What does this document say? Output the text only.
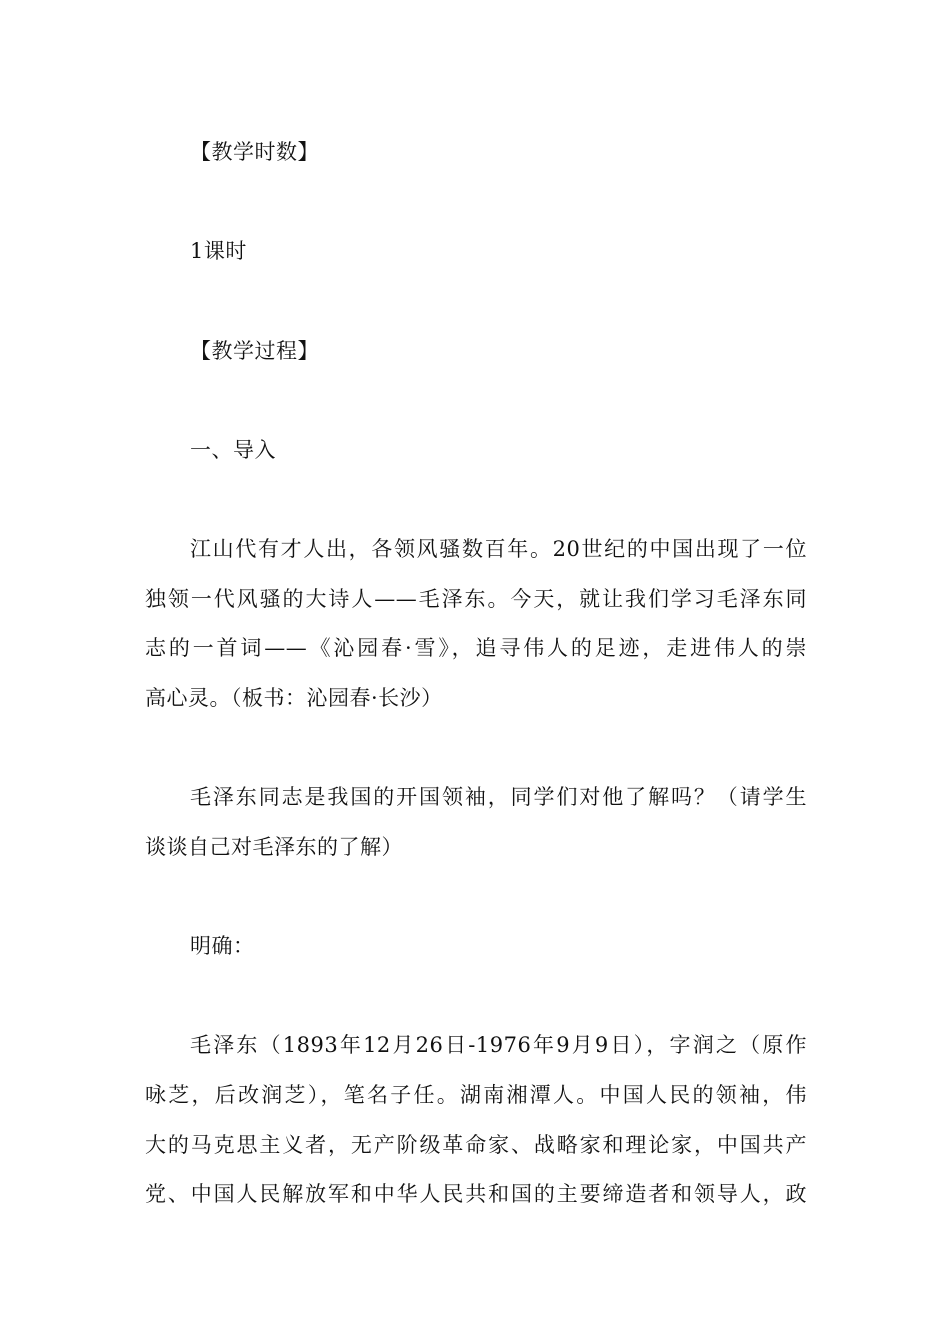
【教学时数】
1课时
【教学过程】
一、导入
江山代有才人出，各领风骚数百年。20世纪的中国出现了一位
独领一代风骚的大诗人——毛泽东。今天，就让我们学习毛泽东同
志的一首词——《沁园春·雪》，追寻伟人的足迹，走进伟人的崇
高心灵。（板书：沁园春·长沙）
毛泽东同志是我国的开国领袖，同学们对他了解吗？（请学生
谈谈自己对毛泽东的了解）
明确：
毛泽东（1893年12月26日-1976年9月9日），字润之（原作
咏芝，后改润芝），笔名子任。湖南湘潭人。中国人民的领袖，伟
大的马克思主义者，无产阶级革命家、战略家和理论家，中国共产
党、中国人民解放军和中华人民共和国的主要缔造者和领导人，政
